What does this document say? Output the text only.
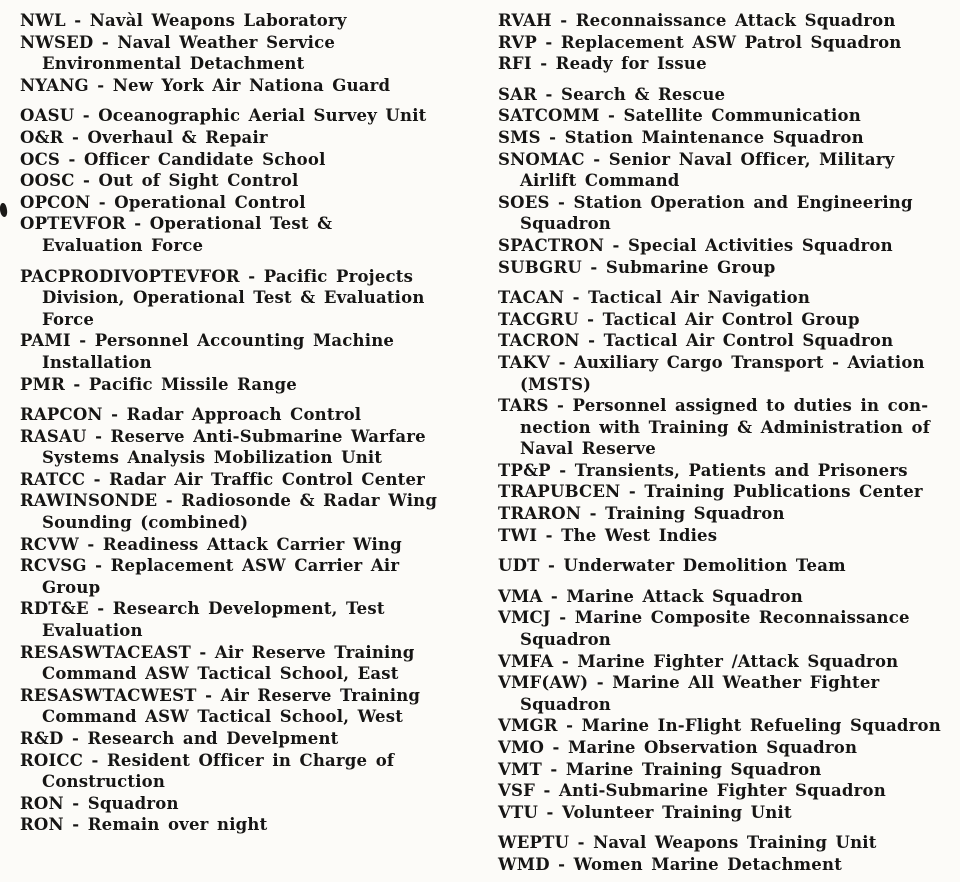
NWL - Navàl Weapons Laboratory
NWSED - Naval Weather Service
Environmental Detachment
NYANG - New York Air Nationa Guard
OASU - Oceanographic Aerial Survey Unit
O&R - Overhaul & Repair
OCS - Officer Candidate School
OOSC - Out of Sight Control
OPCON - Operational Control
OPTEVFOR - Operational Test &
Evaluation Force
PACPRODIVOPTEVFOR - Pacific Projects
Division, Operational Test & Evaluation
Force
PAMI - Personnel Accounting Machine
Installation
PMR - Pacific Missile Range
RAPCON - Radar Approach Control
RASAU - Reserve Anti-Submarine Warfare
Systems Analysis Mobilization Unit
RATCC - Radar Air Traffic Control Center
RAWINSONDE - Radiosonde & Radar Wing
Sounding (combined)
RCVW - Readiness Attack Carrier Wing
RCVSG - Replacement ASW Carrier Air
Group
RDT&E - Research Development, Test
Evaluation
RESASWTACEAST - Air Reserve Training
Command ASW Tactical School, East
RESASWTACWEST - Air Reserve Training
Command ASW Tactical School, West
R&D - Research and Develpment
ROICC - Resident Officer in Charge of
Construction
RON - Squadron
RON - Remain over night
RVAH - Reconnaissance Attack Squadron
RVP - Replacement ASW Patrol Squadron
RFI - Ready for Issue
SAR - Search & Rescue
SATCOMM - Satellite Communication
SMS - Station Maintenance Squadron
SNOMAC - Senior Naval Officer, Military
Airlift Command
SOES - Station Operation and Engineering
Squadron
SPACTRON - Special Activities Squadron
SUBGRU - Submarine Group
TACAN - Tactical Air Navigation
TACGRU - Tactical Air Control Group
TACRON - Tactical Air Control Squadron
TAKV - Auxiliary Cargo Transport - Aviation
(MSTS)
TARS - Personnel assigned to duties in con-
nection with Training & Administration of
Naval Reserve
TP&P - Transients, Patients and Prisoners
TRAPUBCEN - Training Publications Center
TRARON - Training Squadron
TWI - The West Indies
UDT - Underwater Demolition Team
VMA - Marine Attack Squadron
VMCJ - Marine Composite Reconnaissance
Squadron
VMFA - Marine Fighter /Attack Squadron
VMF(AW) - Marine All Weather Fighter
Squadron
VMGR - Marine In-Flight Refueling Squadron
VMO - Marine Observation Squadron
VMT - Marine Training Squadron
VSF - Anti-Submarine Fighter Squadron
VTU - Volunteer Training Unit
WEPTU - Naval Weapons Training Unit
WMD - Women Marine Detachment
